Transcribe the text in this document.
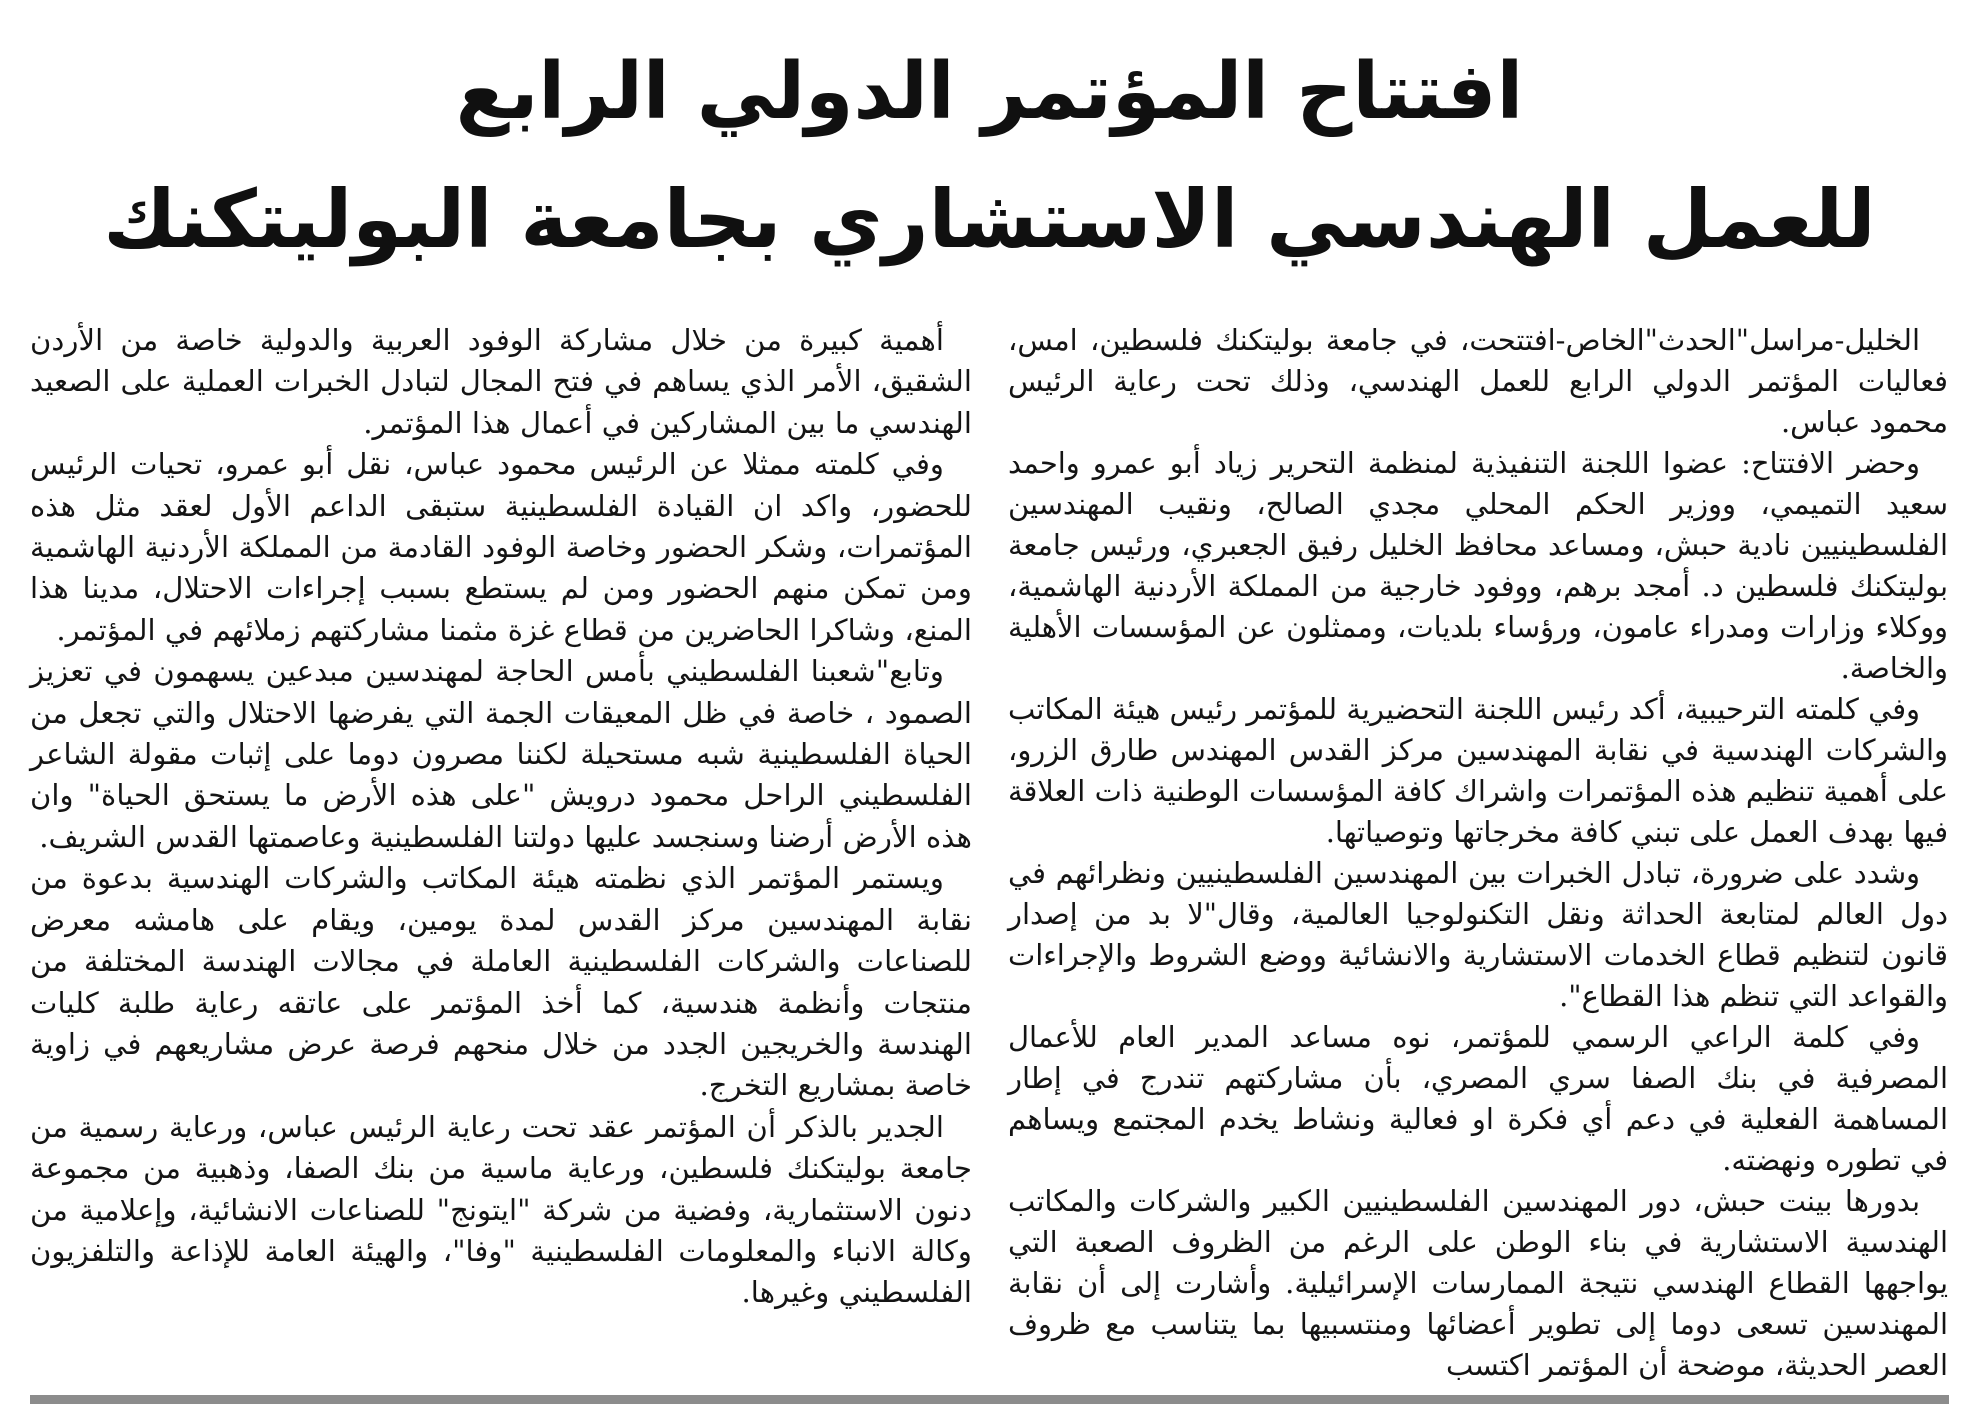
افتتاح المؤتمر الدولي الرابع
للعمل الهندسي الاستشاري بجامعة البوليتكنك

الخليل-مراسل"الحدث"الخاص-افتتحت، في جامعة بوليتكنك فلسطين، امس، فعاليات المؤتمر الدولي الرابع للعمل الهندسي، وذلك تحت رعاية الرئيس محمود عباس.

وحضر الافتتاح: عضوا اللجنة التنفيذية لمنظمة التحرير زياد أبو عمرو واحمد سعيد التميمي، ووزير الحكم المحلي مجدي الصالح، ونقيب المهندسين الفلسطينيين نادية حبش، ومساعد محافظ الخليل رفيق الجعبري، ورئيس جامعة بوليتكنك فلسطين د. أمجد برهم، ووفود خارجية من المملكة الأردنية الهاشمية، ووكلاء وزارات ومدراء عامون، ورؤساء بلديات، وممثلون عن المؤسسات الأهلية والخاصة.

وفي كلمته الترحيبية، أكد رئيس اللجنة التحضيرية للمؤتمر رئيس هيئة المكاتب والشركات الهندسية في نقابة المهندسين مركز القدس المهندس طارق الزرو، على أهمية تنظيم هذه المؤتمرات واشراك كافة المؤسسات الوطنية ذات العلاقة فيها بهدف العمل على تبني كافة مخرجاتها وتوصياتها.

وشدد على ضرورة، تبادل الخبرات بين المهندسين الفلسطينيين ونظرائهم في دول العالم لمتابعة الحداثة ونقل التكنولوجيا العالمية، وقال"لا بد من إصدار قانون لتنظيم قطاع الخدمات الاستشارية والانشائية ووضع الشروط والإجراءات والقواعد التي تنظم هذا القطاع".

وفي كلمة الراعي الرسمي للمؤتمر، نوه مساعد المدير العام للأعمال المصرفية في بنك الصفا سري المصري، بأن مشاركتهم تندرج في إطار المساهمة الفعلية في دعم أي فكرة او فعالية ونشاط يخدم المجتمع ويساهم في تطوره ونهضته.

بدورها بينت حبش، دور المهندسين الفلسطينيين الكبير والشركات والمكاتب الهندسية الاستشارية في بناء الوطن على الرغم من الظروف الصعبة التي يواجهها القطاع الهندسي نتيجة الممارسات الإسرائيلية. وأشارت إلى أن نقابة المهندسين تسعى دوما إلى تطوير أعضائها ومنتسبيها بما يتناسب مع ظروف العصر الحديثة، موضحة أن المؤتمر اكتسب

أهمية كبيرة من خلال مشاركة الوفود العربية والدولية خاصة من الأردن الشقيق، الأمر الذي يساهم في فتح المجال لتبادل الخبرات العملية على الصعيد الهندسي ما بين المشاركين في أعمال هذا المؤتمر.

وفي كلمته ممثلا عن الرئيس محمود عباس، نقل أبو عمرو، تحيات الرئيس للحضور، واكد ان القيادة الفلسطينية ستبقى الداعم الأول لعقد مثل هذه المؤتمرات، وشكر الحضور وخاصة الوفود القادمة من المملكة الأردنية الهاشمية ومن تمكن منهم الحضور ومن لم يستطع بسبب إجراءات الاحتلال، مدينا هذا المنع، وشاكرا الحاضرين من قطاع غزة مثمنا مشاركتهم زملائهم في المؤتمر.

وتابع"شعبنا الفلسطيني بأمس الحاجة لمهندسين مبدعين يسهمون في تعزيز الصمود ، خاصة في ظل المعيقات الجمة التي يفرضها الاحتلال والتي تجعل من الحياة الفلسطينية شبه مستحيلة لكننا مصرون دوما على إثبات مقولة الشاعر الفلسطيني الراحل محمود درويش "على هذه الأرض ما يستحق الحياة" وان هذه الأرض أرضنا وسنجسد عليها دولتنا الفلسطينية وعاصمتها القدس الشريف.

ويستمر المؤتمر الذي نظمته هيئة المكاتب والشركات الهندسية بدعوة من نقابة المهندسين مركز القدس لمدة يومين، ويقام على هامشه معرض للصناعات والشركات الفلسطينية العاملة في مجالات الهندسة المختلفة من منتجات وأنظمة هندسية، كما أخذ المؤتمر على عاتقه رعاية طلبة كليات الهندسة والخريجين الجدد من خلال منحهم فرصة عرض مشاريعهم في زاوية خاصة بمشاريع التخرج.

الجدير بالذكر أن المؤتمر عقد تحت رعاية الرئيس عباس، ورعاية رسمية من جامعة بوليتكنك فلسطين، ورعاية ماسية من بنك الصفا، وذهبية من مجموعة دنون الاستثمارية، وفضية من شركة "ايتونج" للصناعات الانشائية، وإعلامية من وكالة الانباء والمعلومات الفلسطينية "وفا"، والهيئة العامة للإذاعة والتلفزيون الفلسطيني وغيرها.
